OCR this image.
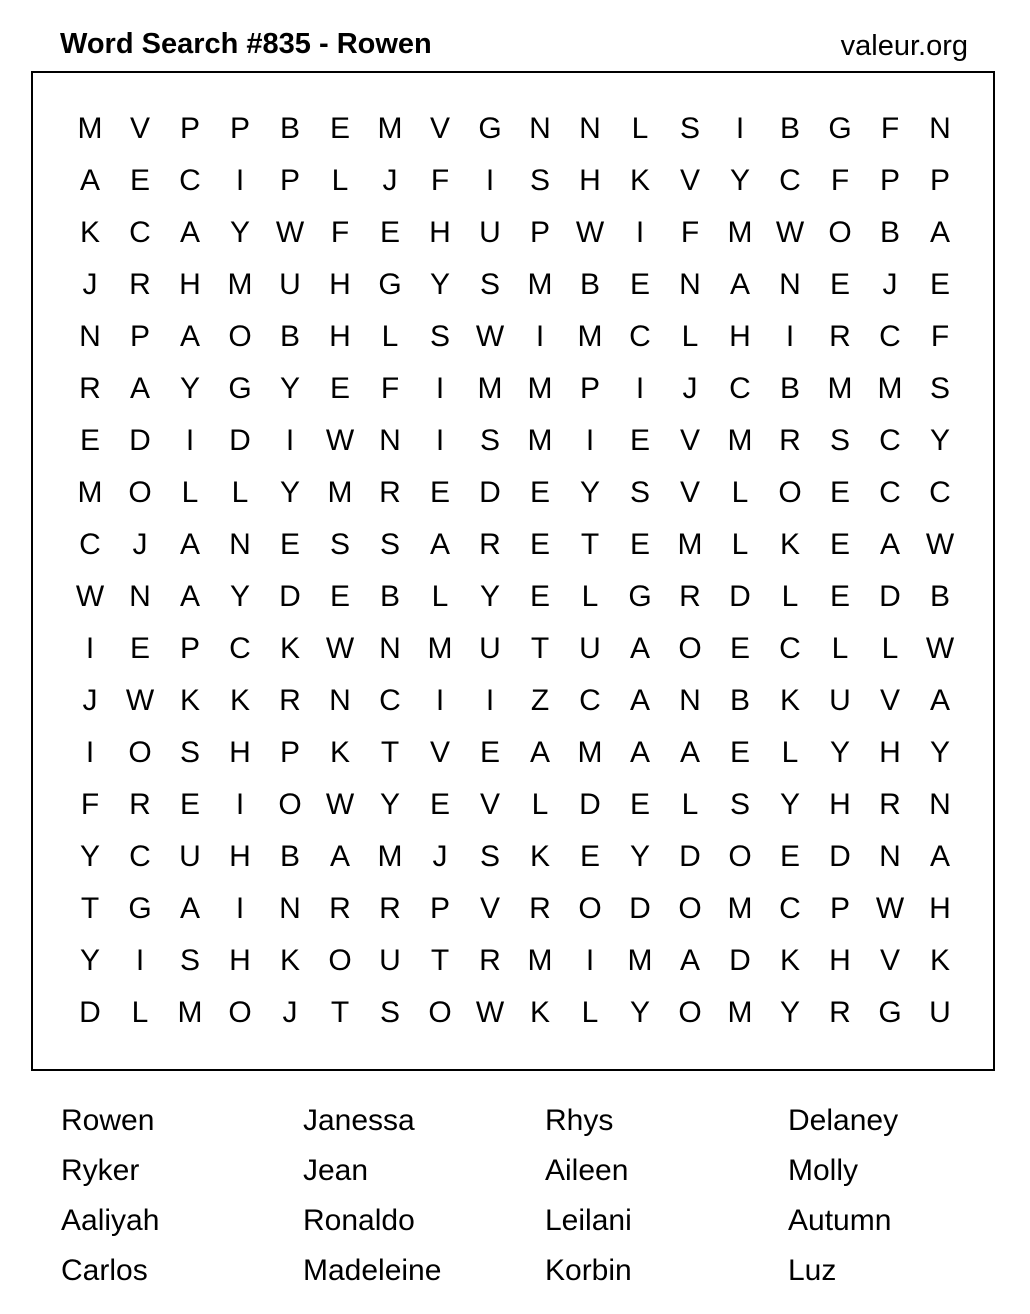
Word Search #835 - Rowen	valeur.org
M V P P B E M V G N N	L	S	I	B G F	N
A E C	I	P	L	J	F	I	S H K V Y C	F	P P
K C A Y W F	E H U P W	I	F M W O B A
J	R H M U H G Y S M B E N A N E	J	E
N P A O B H	L	S W	I	M C	L	H	I	R C	F
R A Y G Y E	F	I	M M P	I	J	C B M M S
E D	I	D	I	W N	I	S M	I	E V M R S C Y
M O L	L	Y M R E D E Y S V	L O E C C
C	J	A N E S S A R E	T	E M L	K E A W
W N A Y D E B	L	Y E	L G R D	L	E D B
I	E P C K W N M U	T	U A O E C	L	L W
J W K K R N C	I	I	Z	C A N B K U V A
I	O S H P K	T	V E A M A A E	L	Y H Y
F	R E	I	O W Y E V	L	D E	L	S Y H R N
Y C U H B A M	J	S K E Y D O E D N A
T G A	I	N R R P V R O D O M C P W H
Y	I	S H K O U	T	R M	I	M A D K H V K
D	L M O	J	T	S O W K	L	Y O M Y R G U
Rowen	Janessa	Rhys	Delaney
Ryker	Jean	Aileen	Molly
Aaliyah	Ronaldo	Leilani	Autumn
Carlos	Madeleine	Korbin	Luz
